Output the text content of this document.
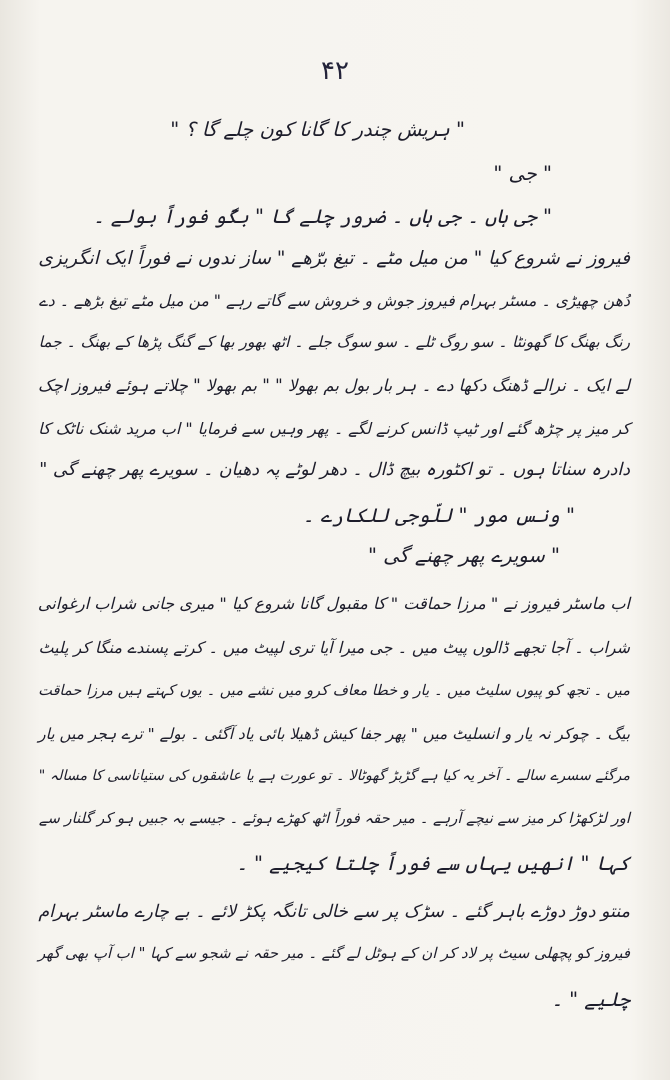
۴۲
" ہریش چندر کا گانا کون چلے گا ؟ "
" جی "
" جی ہاں ۔ جی ہاں ۔ ضرور چلے گا " بگّو فوراً بولے ۔
فیروز نے شروع کیا " من میل مٹے ۔ تیغ برّھے " ساز ندوں نے فوراً ایک انگریزی
دُھن چھیڑی ۔ مسٹر بہرام فیروز جوش و خروش سے گاتے رہے " من میل مٹے تیغ بڑھے ۔ دے
رنگ بھنگ کا گھونٹا ۔ سو روگ ٹلے ۔ سو سوگ جلے ۔ اٹھ بھور بھا کے گنگ پڑھا کے بھنگ ۔ جما
لے ایک ۔ نرالے ڈھنگ دکھا دے ۔ ہر بار بول بم بھولا " " بم بھولا " چلاتے ہوئے فیروز اچک
کر میز پر چڑھ گئے اور ٹیپ ڈانس کرنے لگے ۔ پھر وہیں سے فرمایا " اب مرید شنک ناٹک کا
دادرہ سناتا ہوں ۔ تو اکٹورہ بیچ ڈال ۔ دھر لوٹے پہ دھیان ۔ سویرے پھر چھنے گی "
" ونس مور " للّوجی للکارے ۔
" سویرے پھر چھنے گی "
اب ماسٹر فیروز نے " مرزا حماقت " کا مقبول گانا شروع کیا " میری جانی شراب ارغوانی
شراب ۔ آجا تجھے ڈالوں پیٹ میں ۔ جی میرا آیا تری لپیٹ میں ۔ کرتے پسندے منگا کر پلیٹ
میں ۔ تجھ کو پیوں سلیٹ میں ۔ یار و خطا معاف کرو میں نشے میں ۔ یوں کہتے ہیں مرزا حماقت
بیگ ۔ چوکر نہ یار و انسلیٹ میں " پھر جفا کیش ڈھیلا بائی یاد آگئی ۔ بولے " ترے ہجر میں یار
مرگئے سسرے سالے ۔ آخر یہ کیا ہے گڑبڑ گھوٹالا ۔ تو عورت ہے یا عاشقوں کی ستیاناسی کا مسالہ "
اور لڑکھڑا کر میز سے نیچے آرہے ۔ میر حقہ فوراً اٹھ کھڑے ہوئے ۔ جیسے بہ جبیں ہو کر گلنار سے
کہا " انھیں یہاں سے فوراً چلتا کیجیے " ۔
منتو دوڑ دوڑے باہر گئے ۔ سڑک پر سے خالی تانگہ پکڑ لائے ۔ بے چارے ماسٹر بہرام
فیروز کو پچھلی سیٹ پر لاد کر ان کے ہوٹل لے گئے ۔ میر حقہ نے شجو سے کہا " اب آپ بھی گھر
چلیے " ۔
